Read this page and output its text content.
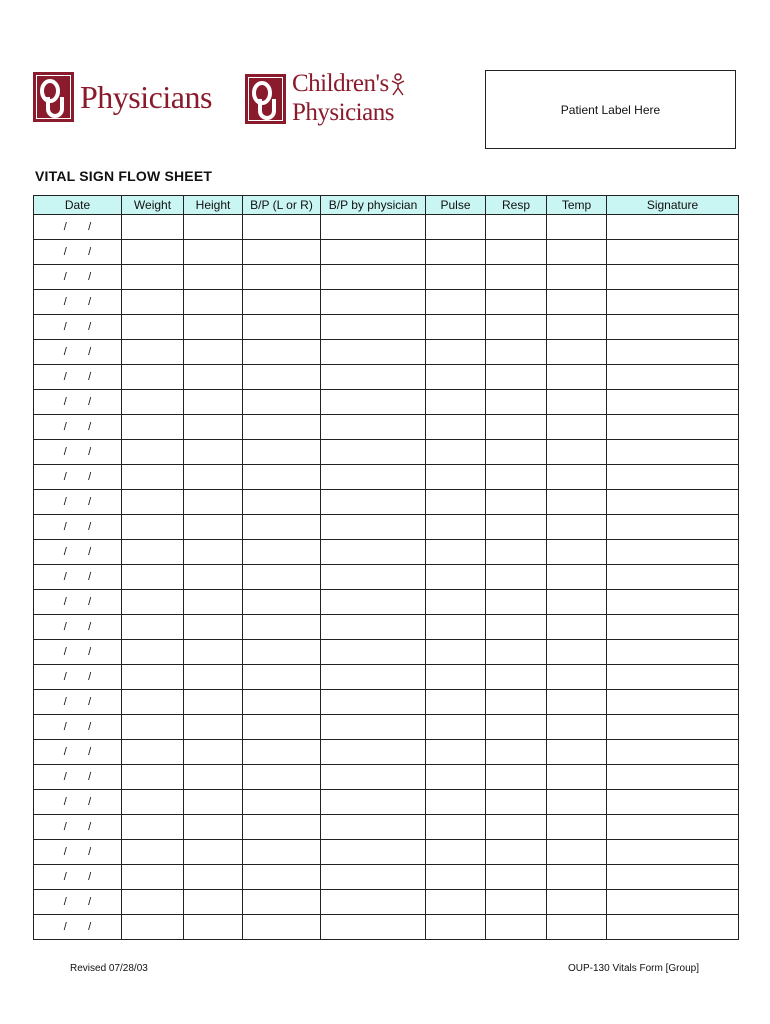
Physicians	Children's
Physicians	Patient Label Here
VITAL SIGN FLOW SHEET
Date	Weight	Height	B/P (L or R)	B/P by physician	Pulse	Resp	Temp	Signature
/       /								
/       /								
/       /								
/       /								
/       /								
/       /								
/       /								
/       /								
/       /								
/       /								
/       /								
/       /								
/       /								
/       /								
/       /								
/       /								
/       /								
/       /								
/       /								
/       /								
/       /								
/       /								
/       /								
/       /								
/       /								
/       /								
/       /								
/       /								
/       /								
Revised 07/28/03	OUP-130 Vitals Form [Group]
